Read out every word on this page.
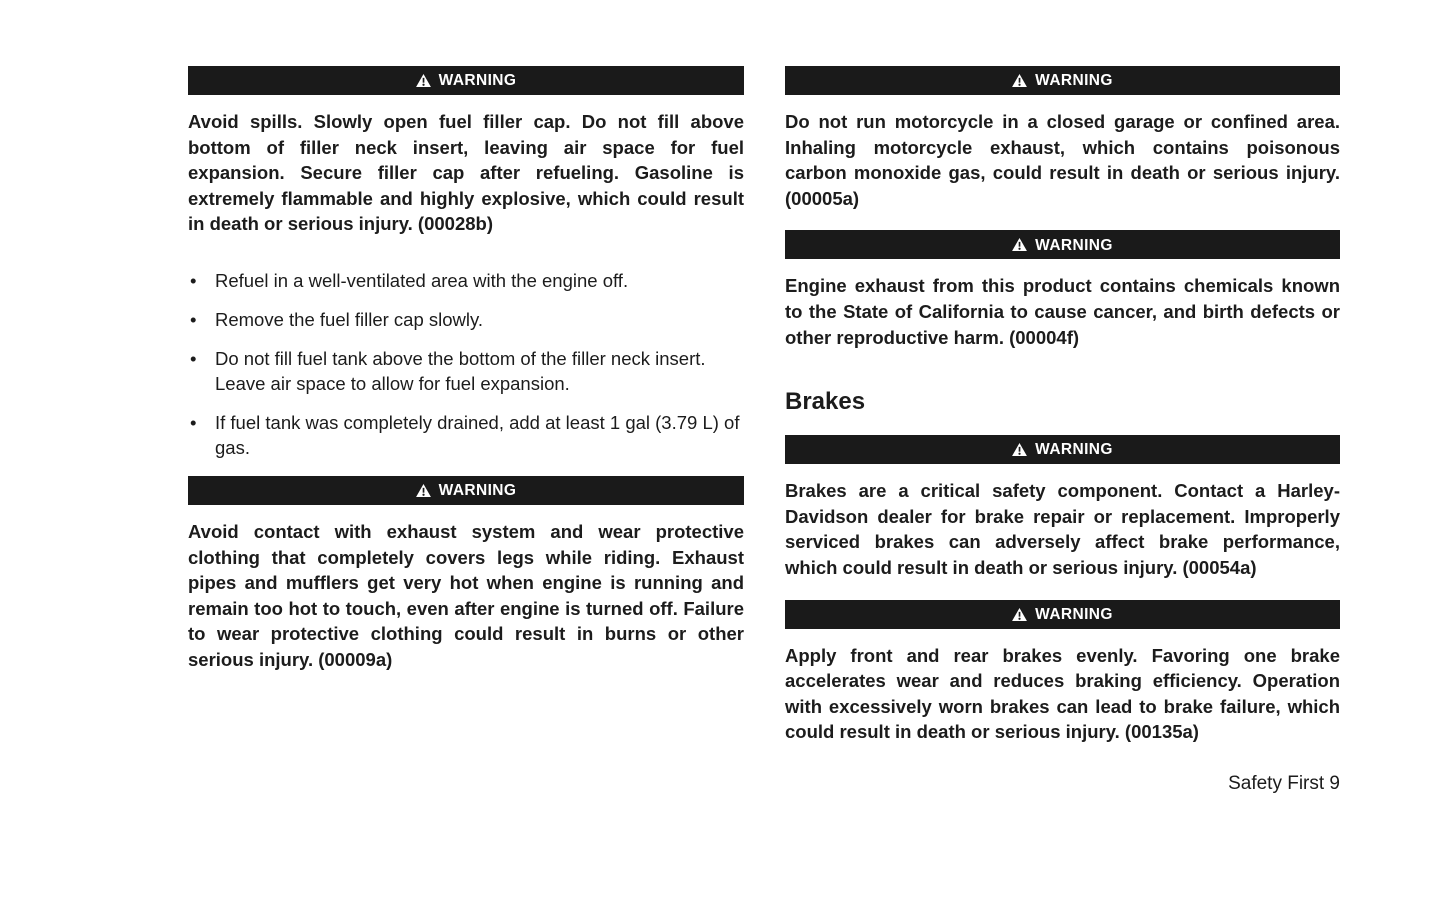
WARNING

Avoid spills. Slowly open fuel filler cap. Do not fill above bottom of filler neck insert, leaving air space for fuel expansion. Secure filler cap after refueling. Gasoline is extremely flammable and highly explosive, which could result in death or serious injury. (00028b)

• Refuel in a well-ventilated area with the engine off.
• Remove the fuel filler cap slowly.
• Do not fill fuel tank above the bottom of the filler neck insert. Leave air space to allow for fuel expansion.
• If fuel tank was completely drained, add at least 1 gal (3.79 L) of gas.
WARNING

Avoid contact with exhaust system and wear protective clothing that completely covers legs while riding. Exhaust pipes and mufflers get very hot when engine is running and remain too hot to touch, even after engine is turned off. Failure to wear protective clothing could result in burns or other serious injury. (00009a)

WARNING

Do not run motorcycle in a closed garage or confined area. Inhaling motorcycle exhaust, which contains poisonous carbon monoxide gas, could result in death or serious injury. (00005a)

WARNING

Engine exhaust from this product contains chemicals known to the State of California to cause cancer, and birth defects or other reproductive harm. (00004f)

Brakes
WARNING

Brakes are a critical safety component. Contact a Harley-Davidson dealer for brake repair or replacement. Improperly serviced brakes can adversely affect brake performance, which could result in death or serious injury. (00054a)

WARNING

Apply front and rear brakes evenly. Favoring one brake accelerates wear and reduces braking efficiency. Operation with excessively worn brakes can lead to brake failure, which could result in death or serious injury. (00135a)

Safety First 9
